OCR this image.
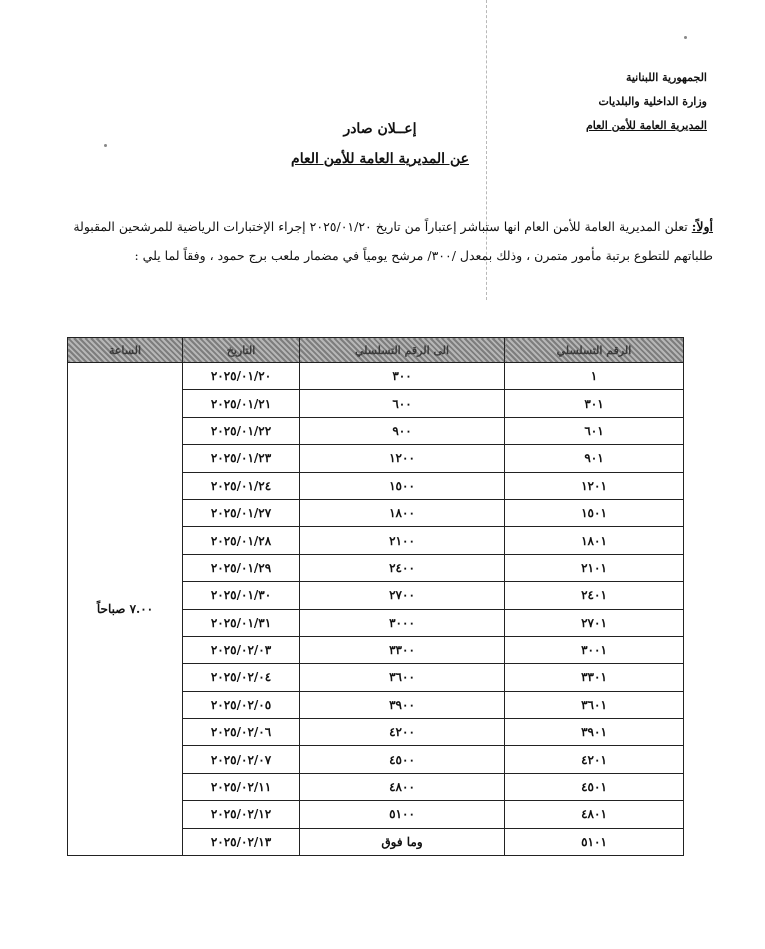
الجمهورية اللبنانية
وزارة الداخلية والبلديات
المديرية العامة للأمن العام
إعــلان صادر
عن المديرية العامة للأمن العام
أولاً: تعلن المديرية العامة للأمن العام انها ستباشر إعتباراً من تاريخ ٢٠٢٥/٠١/٢٠ إجراء الإختبارات الرياضية للمرشحين المقبولة طلباتهم للتطوع برتبة مأمور متمرن ، وذلك بمعدل /٣٠٠/ مرشح يومياً في مضمار ملعب برج حمود ، وفقاً لما يلي :
الرقم التسلسلي	الى الرقم التسلسلي	التاريخ	الساعة
١	٣٠٠	٢٠٢٥/٠١/٢٠	٧.٠٠ صباحاً
٣٠١	٦٠٠	٢٠٢٥/٠١/٢١	
٦٠١	٩٠٠	٢٠٢٥/٠١/٢٢	
٩٠١	١٢٠٠	٢٠٢٥/٠١/٢٣	
١٢٠١	١٥٠٠	٢٠٢٥/٠١/٢٤	
١٥٠١	١٨٠٠	٢٠٢٥/٠١/٢٧	
١٨٠١	٢١٠٠	٢٠٢٥/٠١/٢٨	
٢١٠١	٢٤٠٠	٢٠٢٥/٠١/٢٩	
٢٤٠١	٢٧٠٠	٢٠٢٥/٠١/٣٠	
٢٧٠١	٣٠٠٠	٢٠٢٥/٠١/٣١	
٣٠٠١	٣٣٠٠	٢٠٢٥/٠٢/٠٣	
٣٣٠١	٣٦٠٠	٢٠٢٥/٠٢/٠٤	
٣٦٠١	٣٩٠٠	٢٠٢٥/٠٢/٠٥	
٣٩٠١	٤٢٠٠	٢٠٢٥/٠٢/٠٦	
٤٢٠١	٤٥٠٠	٢٠٢٥/٠٢/٠٧	
٤٥٠١	٤٨٠٠	٢٠٢٥/٠٢/١١	
٤٨٠١	٥١٠٠	٢٠٢٥/٠٢/١٢	
٥١٠١	وما فوق	٢٠٢٥/٠٢/١٣	
